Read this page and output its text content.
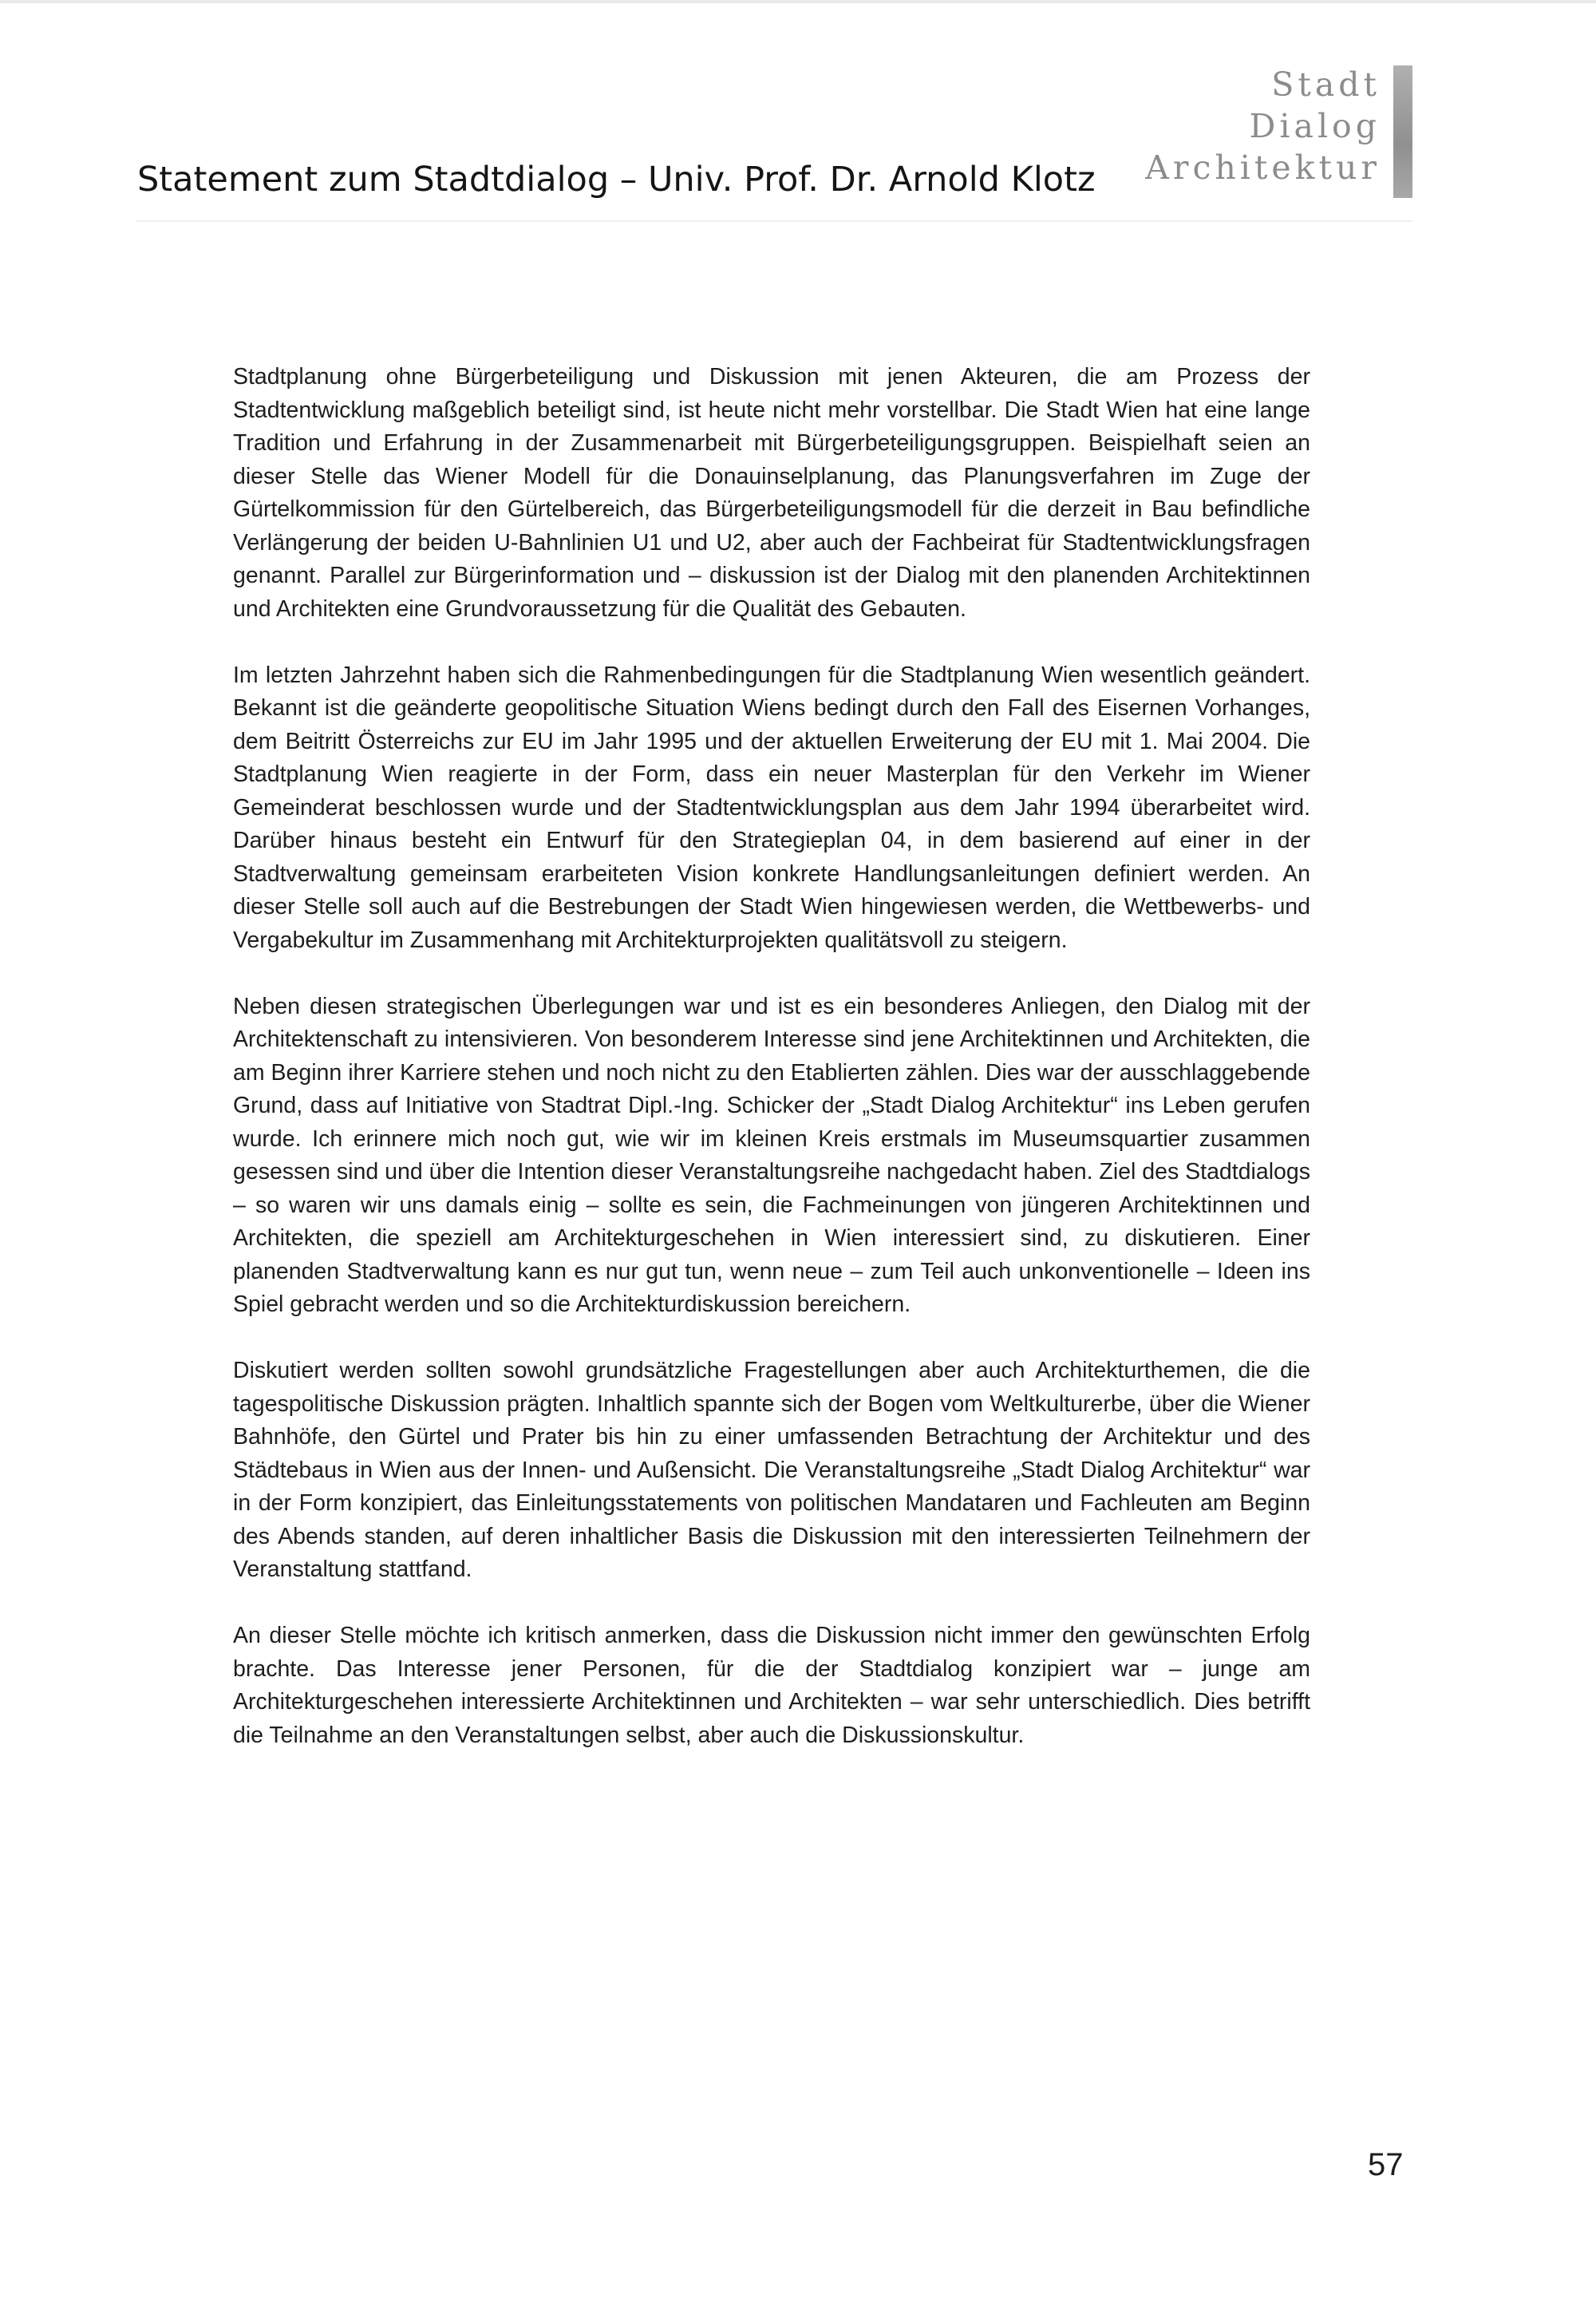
Statement zum Stadtdialog – Univ. Prof. Dr. Arnold Klotz
Stadt
Dialog
Architektur

Stadtplanung ohne Bürgerbeteiligung und Diskussion mit jenen Akteuren, die am Prozess der Stadtentwicklung maßgeblich beteiligt sind, ist heute nicht mehr vorstellbar. Die Stadt Wien hat eine lange Tradition und Erfahrung in der Zusammenarbeit mit Bürgerbeteiligungsgruppen. Beispielhaft seien an dieser Stelle das Wiener Modell für die Donauinselplanung, das Planungsverfahren im Zuge der Gürtelkommission für den Gürtelbereich, das Bürgerbeteiligungsmodell für die derzeit in Bau befindliche Verlängerung der beiden U-Bahnlinien U1 und U2, aber auch der Fachbeirat für Stadtentwicklungsfragen genannt. Parallel zur Bürgerinformation und – diskussion ist der Dialog mit den planenden Architektinnen und Architekten eine Grundvoraussetzung für die Qualität des Gebauten.

Im letzten Jahrzehnt haben sich die Rahmenbedingungen für die Stadtplanung Wien wesentlich geändert. Bekannt ist die geänderte geopolitische Situation Wiens bedingt durch den Fall des Eisernen Vorhanges, dem Beitritt Österreichs zur EU im Jahr 1995 und der aktuellen Erweiterung der EU mit 1. Mai 2004. Die Stadtplanung Wien reagierte in der Form, dass ein neuer Masterplan für den Verkehr im Wiener Gemeinderat beschlossen wurde und der Stadtentwicklungsplan aus dem Jahr 1994 überarbeitet wird. Darüber hinaus besteht ein Entwurf für den Strategieplan 04, in dem basierend auf einer in der Stadtverwaltung gemeinsam erarbeiteten Vision konkrete Handlungsanleitungen definiert werden. An dieser Stelle soll auch auf die Bestrebungen der Stadt Wien hingewiesen werden, die Wettbewerbs- und Vergabekultur im Zusammenhang mit Architekturprojekten qualitätsvoll zu steigern.

Neben diesen strategischen Überlegungen war und ist es ein besonderes Anliegen, den Dialog mit der Architektenschaft zu intensivieren. Von besonderem Interesse sind jene Architektinnen und Architekten, die am Beginn ihrer Karriere stehen und noch nicht zu den Etablierten zählen. Dies war der ausschlaggebende Grund, dass auf Initiative von Stadtrat Dipl.-Ing. Schicker der „Stadt Dialog Architektur“ ins Leben gerufen wurde. Ich erinnere mich noch gut, wie wir im kleinen Kreis erstmals im Museumsquartier zusammen gesessen sind und über die Intention dieser Veranstaltungsreihe nachgedacht haben. Ziel des Stadtdialogs – so waren wir uns damals einig – sollte es sein, die Fachmeinungen von jüngeren Architektinnen und Architekten, die speziell am Architekturgeschehen in Wien interessiert sind, zu diskutieren. Einer planenden Stadtverwaltung kann es nur gut tun, wenn neue – zum Teil auch unkonventionelle – Ideen ins Spiel gebracht werden und so die Architekturdiskussion bereichern.

Diskutiert werden sollten sowohl grundsätzliche Fragestellungen aber auch Architekturthemen, die die tagespolitische Diskussion prägten. Inhaltlich spannte sich der Bogen vom Weltkulturerbe, über die Wiener Bahnhöfe, den Gürtel und Prater bis hin zu einer umfassenden Betrachtung der Architektur und des Städtebaus in Wien aus der Innen- und Außensicht. Die Veranstaltungsreihe „Stadt Dialog Architektur“ war in der Form konzipiert, das Einleitungsstatements von politischen Mandataren und Fachleuten am Beginn des Abends standen, auf deren inhaltlicher Basis die Diskussion mit den interessierten Teilnehmern der Veranstaltung stattfand.

An dieser Stelle möchte ich kritisch anmerken, dass die Diskussion nicht immer den gewünschten Erfolg brachte. Das Interesse jener Personen, für die der Stadtdialog konzipiert war – junge am Architekturgeschehen interessierte Architektinnen und Architekten – war sehr unterschiedlich. Dies betrifft die Teilnahme an den Veranstaltungen selbst, aber auch die Diskussionskultur.

57
